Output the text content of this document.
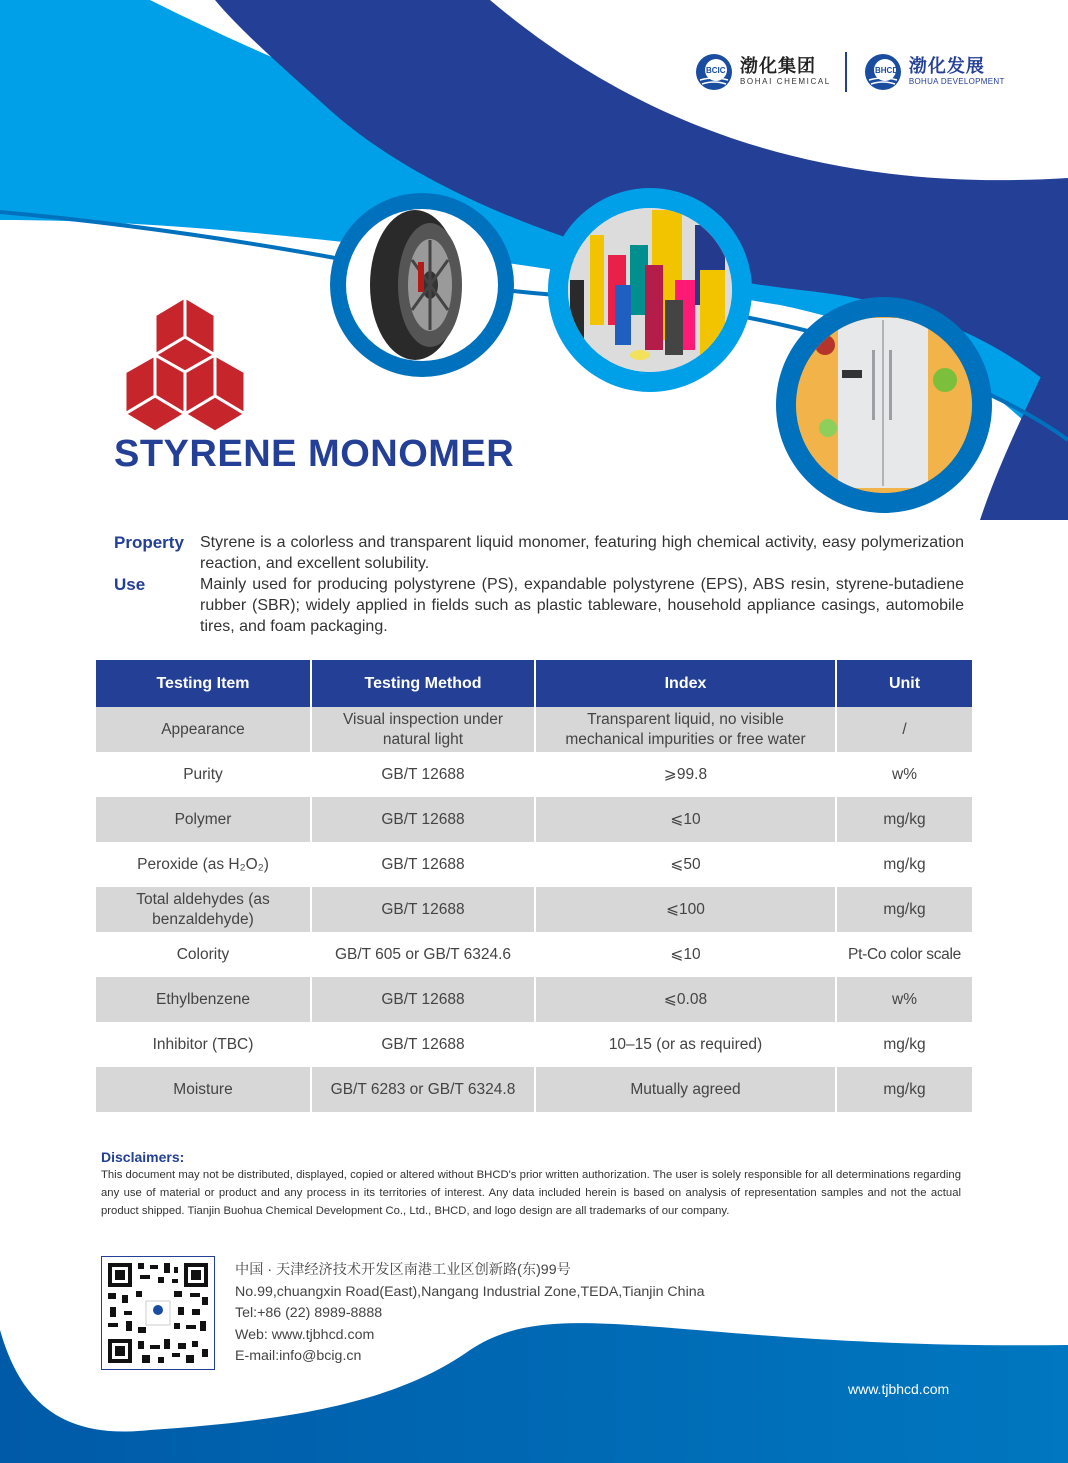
BCIC 渤化集团
BOHAI CHEMICAL
BHCD 渤化发展
BOHUA DEVELOPMENT
STYRENE MONOMER
Property Styrene is a colorless and transparent liquid monomer, featuring high chemical activity, easy polymerization reaction, and excellent solubility.
Use	Mainly used for producing polystyrene (PS), expandable polystyrene (EPS), ABS resin, styrene-butadiene rubber (SBR); widely applied in fields such as plastic tableware, household appliance casings, automobile tires, and foam packaging.
Testing Item	Testing Method	Index	Unit
Appearance	Visual inspection under natural light	Transparent liquid, no visible mechanical impurities or free water	/
Purity	GB/T 12688	⩾99.8	w%
Polymer	GB/T 12688	⩽10	mg/kg
Peroxide (as H₂O₂)	GB/T 12688	⩽50	mg/kg

Total aldehydes (as benzaldehyde)	GB/T 12688	⩽100	mg/kg
Colority	GB/T 605 or GB/T 6324.6	⩽10	Pt-Co color scale
Ethylbenzene	GB/T 12688	⩽0.08	w%
Inhibitor (TBC)	GB/T 12688	10–15 (or as required)	mg/kg
Moisture	GB/T 6283 or GB/T 6324.8	Mutually agreed	mg/kg
Disclaimers:

This document may not be distributed, displayed, copied or altered without BHCD's prior written authorization. The user is solely responsible for all determinations regarding any use of material or product and any process in its territories of interest. Any data included herein is based on analysis of representation samples and not the actual product shipped. Tianjin Buohua Chemical Development Co., Ltd., BHCD, and logo design are all trademarks of our company.

中国 · 天津经济技术开发区南港工业区创新路(东)99号
No.99,chuangxin Road(East),Nangang Industrial Zone,TEDA,Tianjin China
Tel:+86 (22) 8989-8888
Web: www.tjbhcd.com
E-mail:info@bcig.cn
www.tjbhcd.com
